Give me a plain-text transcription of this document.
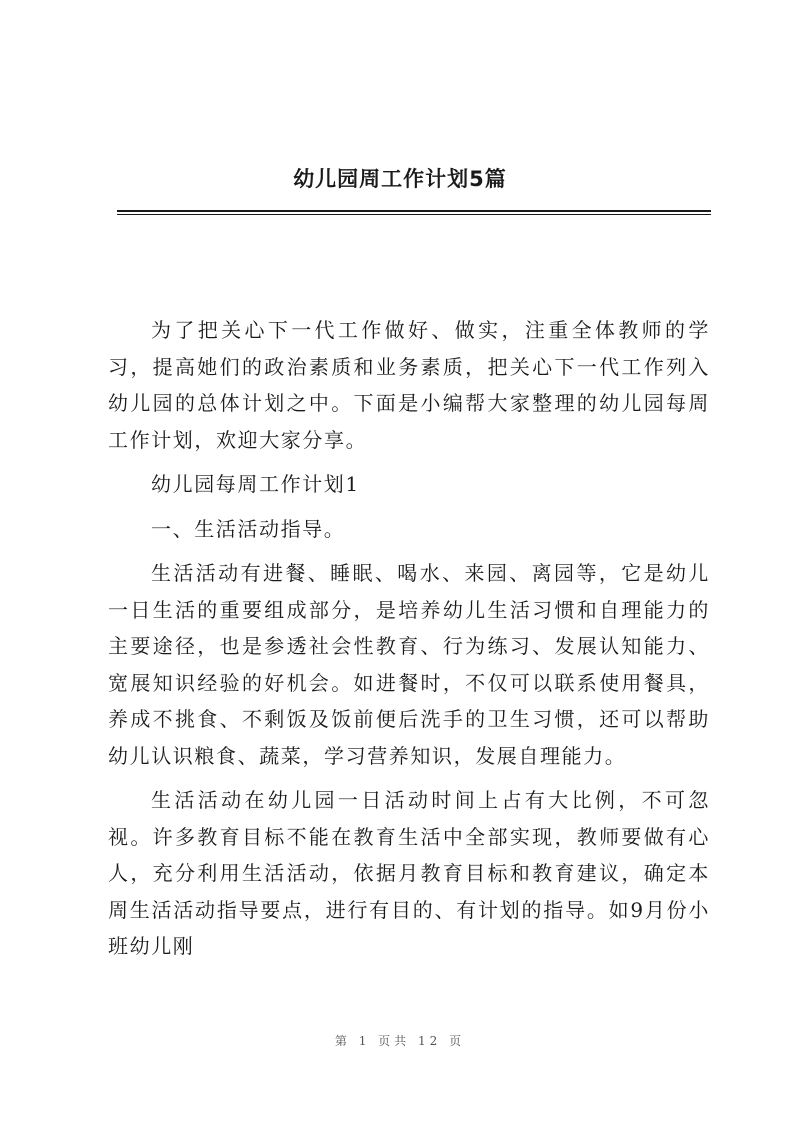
幼儿园周工作计划5篇

为了把关心下一代工作做好、做实，注重全体教师的学习，提高她们的政治素质和业务素质，把关心下一代工作列入幼儿园的总体计划之中。下面是小编帮大家整理的幼儿园每周工作计划，欢迎大家分享。

幼儿园每周工作计划1

一、生活活动指导。

生活活动有进餐、睡眠、喝水、来园、离园等，它是幼儿一日生活的重要组成部分，是培养幼儿生活习惯和自理能力的主要途径，也是参透社会性教育、行为练习、发展认知能力、宽展知识经验的好机会。如进餐时，不仅可以联系使用餐具，养成不挑食、不剩饭及饭前便后洗手的卫生习惯，还可以帮助幼儿认识粮食、蔬菜，学习营养知识，发展自理能力。

生活活动在幼儿园一日活动时间上占有大比例，不可忽视。许多教育目标不能在教育生活中全部实现，教师要做有心人，充分利用生活活动，依据月教育目标和教育建议，确定本周生活活动指导要点，进行有目的、有计划的指导。如9月份小班幼儿刚

第 1 页共 12 页
